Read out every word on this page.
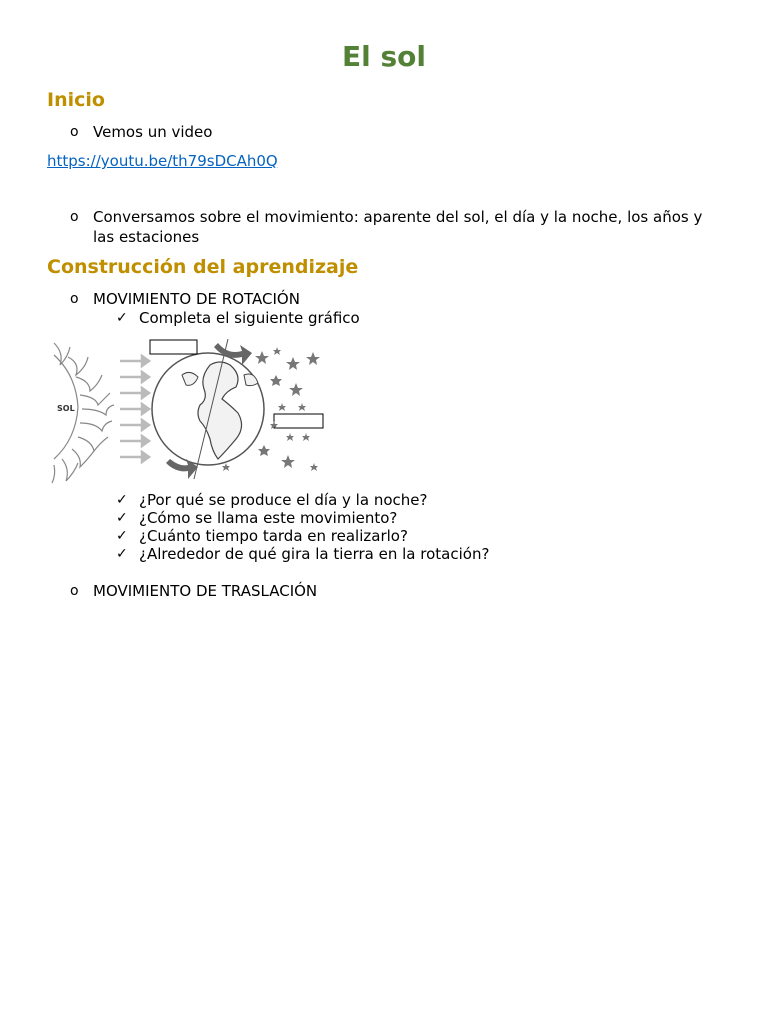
El sol
Inicio
o Vemos un video
https://youtu.be/th79sDCAh0Q
o Conversamos sobre el movimiento: aparente del sol, el día y la noche, los años y las estaciones
Construcción del aprendizaje
o MOVIMIENTO DE ROTACIÓN
✓ Completa el siguiente gráfico
SOL
✓ ¿Por qué se produce el día y la noche?
✓ ¿Cómo se llama este movimiento?
✓ ¿Cuánto tiempo tarda en realizarlo?
✓ ¿Alrededor de qué gira la tierra en la rotación?
o MOVIMIENTO DE TRASLACIÓN
